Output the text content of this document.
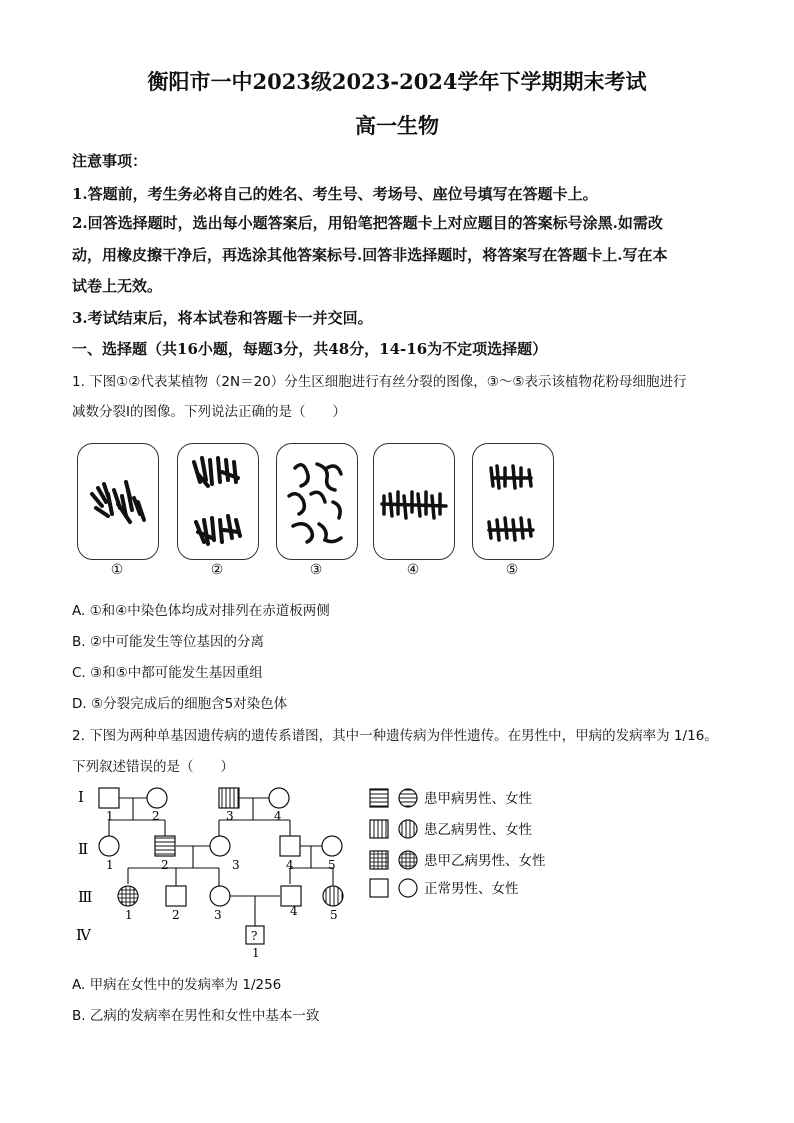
衡阳市一中2023级2023-2024学年下学期期末考试
高一生物
注意事项：
1.答题前，考生务必将自己的姓名、考生号、考场号、座位号填写在答题卡上。
2.回答选择题时，选出每小题答案后，用铅笔把答题卡上对应题目的答案标号涂黑.如需改
动，用橡皮擦干净后，再选涂其他答案标号.回答非选择题时，将答案写在答题卡上.写在本
试卷上无效。
3.考试结束后，将本试卷和答题卡一并交回。
一、选择题（共16小题，每题3分，共48分，14-16为不定项选择题）
1. 下图①②代表某植物（2N＝20）分生区细胞进行有丝分裂的图像，③～⑤表示该植物花粉母细胞进行
减数分裂Ⅰ的图像。下列说法正确的是（　　）
①	②	③	④	⑤
A. ①和④中染色体均成对排列在赤道板两侧
B. ②中可能发生等位基因的分离
C. ③和⑤中都可能发生基因重组
D. ⑤分裂完成后的细胞含5对染色体
2. 下图为两种单基因遗传病的遗传系谱图，其中一种遗传病为伴性遗传。在男性中，甲病的发病率为 1/16。
下列叙述错误的是（　　）
Ⅰ
Ⅱ
Ⅲ
Ⅳ
1	2	3	4
1	2	3	4	5
1	2	3	4	5
?
1
患甲病男性、女性
患乙病男性、女性
患甲乙病男性、女性
正常男性、女性
A. 甲病在女性中的发病率为 1/256
B. 乙病的发病率在男性和女性中基本一致
